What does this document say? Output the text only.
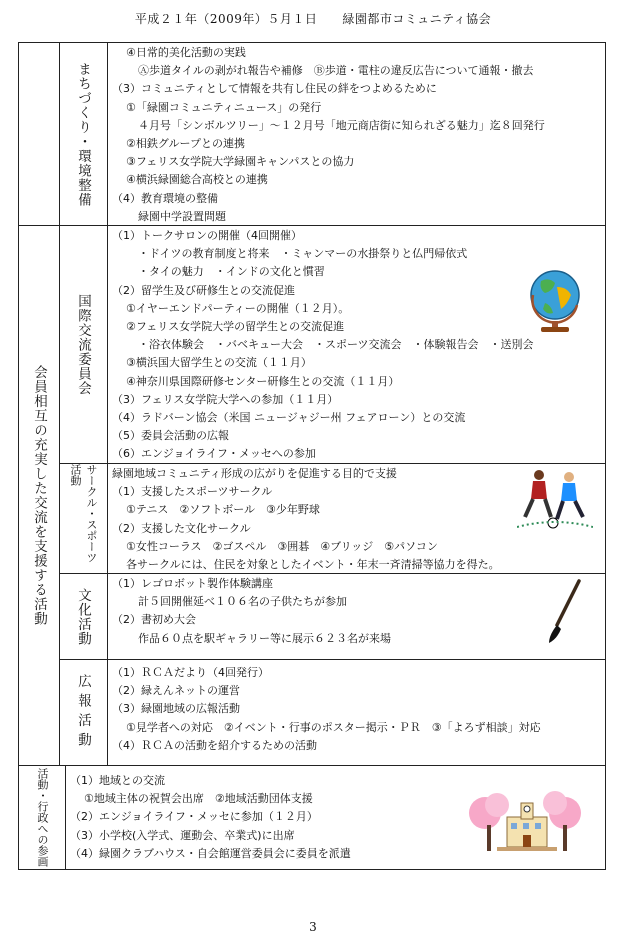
平成２１年（2009年）５月１日　　緑園都市コミュニティ協会
まちづくり・環境整備
④日常的美化活動の実践
Ⓐ歩道タイルの剥がれ報告や補修　Ⓑ歩道・電柱の違反広告について通報・撤去
（3）コミュニティとして情報を共有し住民の絆をつよめるために
①「緑園コミュニティニュース」の発行
４月号「シンボルツリー」～１２月号「地元商店街に知られざる魅力」迄８回発行
②相鉄グループとの連携
③フェリス女学院大学緑園キャンパスとの協力
④横浜緑園総合高校との連携
（4）教育環境の整備
緑園中学設置問題
会員相互の充実した交流を支援する活動
国際交流委員会
（1）トークサロンの開催（4回開催）
・ドイツの教育制度と将来　・ミャンマーの水掛祭りと仏門帰依式
・タイの魅力　・インドの文化と慣習
（2）留学生及び研修生との交流促進
①イヤーエンドパーティーの開催（１２月）。
②フェリス女学院大学の留学生との交流促進
・浴衣体験会　・バベキュー大会　・スポーツ交流会　・体験報告会　・送別会
③横浜国大留学生との交流（１１月）
④神奈川県国際研修センター研修生との交流（１１月）
（3）フェリス女学院大学への参加（１１月）
（4）ラドバーン協会（米国 ニュージャジー州 フェアローン）との交流
（5）委員会活動の広報
（6）エンジョイライフ・メッセへの参加
サークル・スポーツ活動	緑園地域コミュニティ形成の広がりを促進する目的で支援
（1）支援したスポーツサークル
①テニス　②ソフトボール　③少年野球
（2）支援した文化サークル
①女性コーラス　②ゴスペル　③囲碁　④ブリッジ　⑤パソコン
各サークルには、住民を対象としたイベント・年末一斉清掃等協力を得た。
文化活動
（1）レゴロボット製作体験講座
計５回開催延べ１０６名の子供たちが参加
（2）書初め大会
作品６０点を駅ギャラリー等に展示６２３名が来場
広報活動
（1）ＲＣＡだより（4回発行）
（2）緑えんネットの運営
（3）緑園地域の広報活動
①見学者への対応　②イベント・行事のポスター掲示・ＰＲ　③「よろず相談」対応
（4）ＲＣＡの活動を紹介するための活動
活動・行政への参画	（1）地域との交流
①地域主体の祝賀会出席　②地域活動団体支援
（2）エンジョイライフ・メッセに参加（１２月）
（3）小学校(入学式、運動会、卒業式)に出席
（4）緑園クラブハウス・自会館運営委員会に委員を派遣
3
